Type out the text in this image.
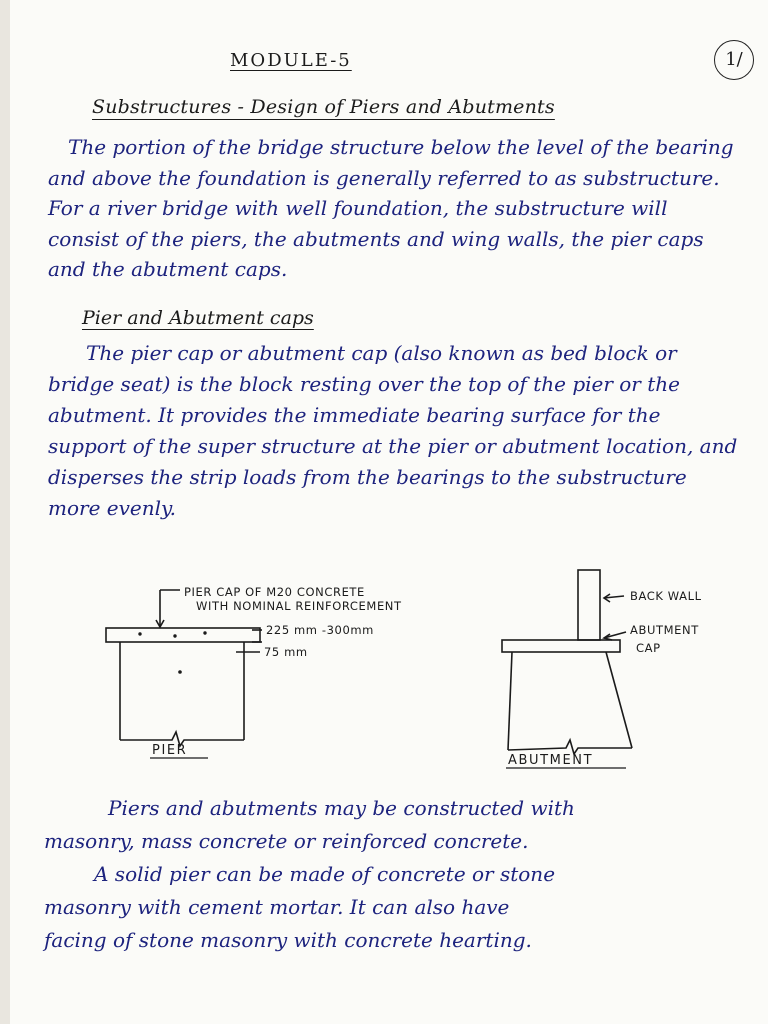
MODULE-5	1/
Substructures - Design of Piers and Abutments
The portion of the bridge structure below the level of the bearing and above the foundation is generally referred to as substructure. For a river bridge with well foundation, the substructure will consist of the piers, the abutments and wing walls, the pier caps and the abutment caps.
Pier and Abutment caps
The pier cap or abutment cap (also known as bed block or bridge seat) is the block resting over the top of the pier or the abutment. It provides the immediate bearing surface for the support of the super structure at the pier or abutment location, and disperses the strip loads from the bearings to the substructure more evenly.
PIER CAP OF M20 CONCRETE
WITH NOMINAL REINFORCEMENT
225 mm -300mm
75 mm
PIER
BACK WALL
ABUTMENT
CAP
ABUTMENT
Piers and abutments may be constructed with
masonry, mass concrete or reinforced concrete.
A solid pier can be made of concrete or stone
masonry with cement mortar. It can also have
facing of stone masonry with concrete hearting.
